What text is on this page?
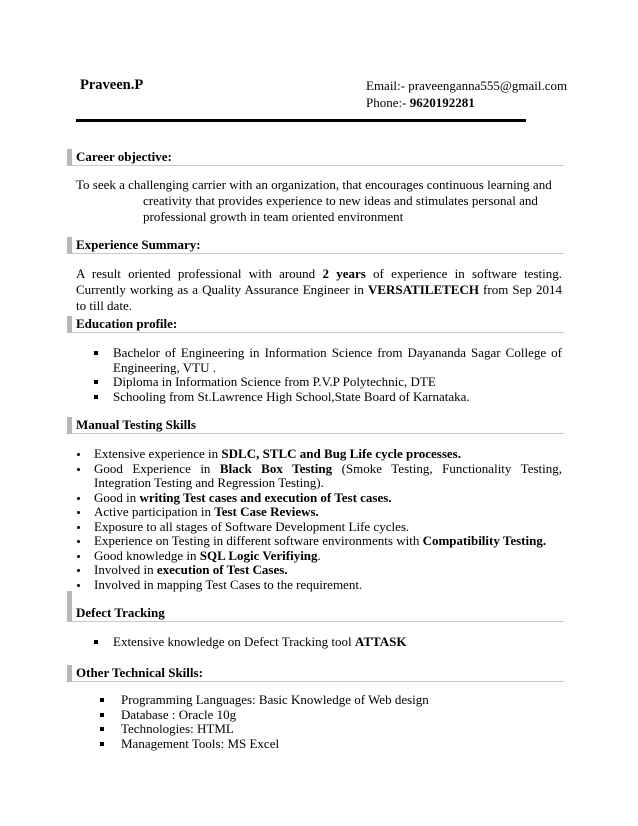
Praveen.P	Email:- praveenganna555@gmail.com
Phone:- 9620192281
Career objective:
To seek a challenging carrier with an organization, that encourages continuous learning and
creativity that provides experience to new ideas and stimulates personal and
professional growth in team oriented environment
Experience Summary:
A result oriented professional with around 2 years of experience in software testing. Currently working as a Quality Assurance Engineer in VERSATILETECH from Sep 2014 to till date.
Education profile:
Bachelor of Engineering in Information Science from Dayananda Sagar College of Engineering, VTU .
Diploma in Information Science from P.V.P Polytechnic, DTE
Schooling from St.Lawrence High School,State Board of Karnataka.
Manual Testing Skills
Extensive experience in SDLC, STLC and Bug Life cycle processes.
Good Experience in Black Box Testing (Smoke Testing, Functionality Testing, Integration Testing and Regression Testing).
Good in writing Test cases and execution of Test cases.
Active participation in Test Case Reviews.
Exposure to all stages of Software Development Life cycles.
Experience on Testing in different software environments with Compatibility Testing.
Good knowledge in SQL Logic Verifiying.
Involved in execution of Test Cases.
Involved in mapping Test Cases to the requirement.
Defect Tracking
Extensive knowledge on Defect Tracking tool ATTASK
Other Technical Skills:
Programming Languages: Basic Knowledge of Web design
Database : Oracle 10g
Technologies: HTML
Management Tools: MS Excel
